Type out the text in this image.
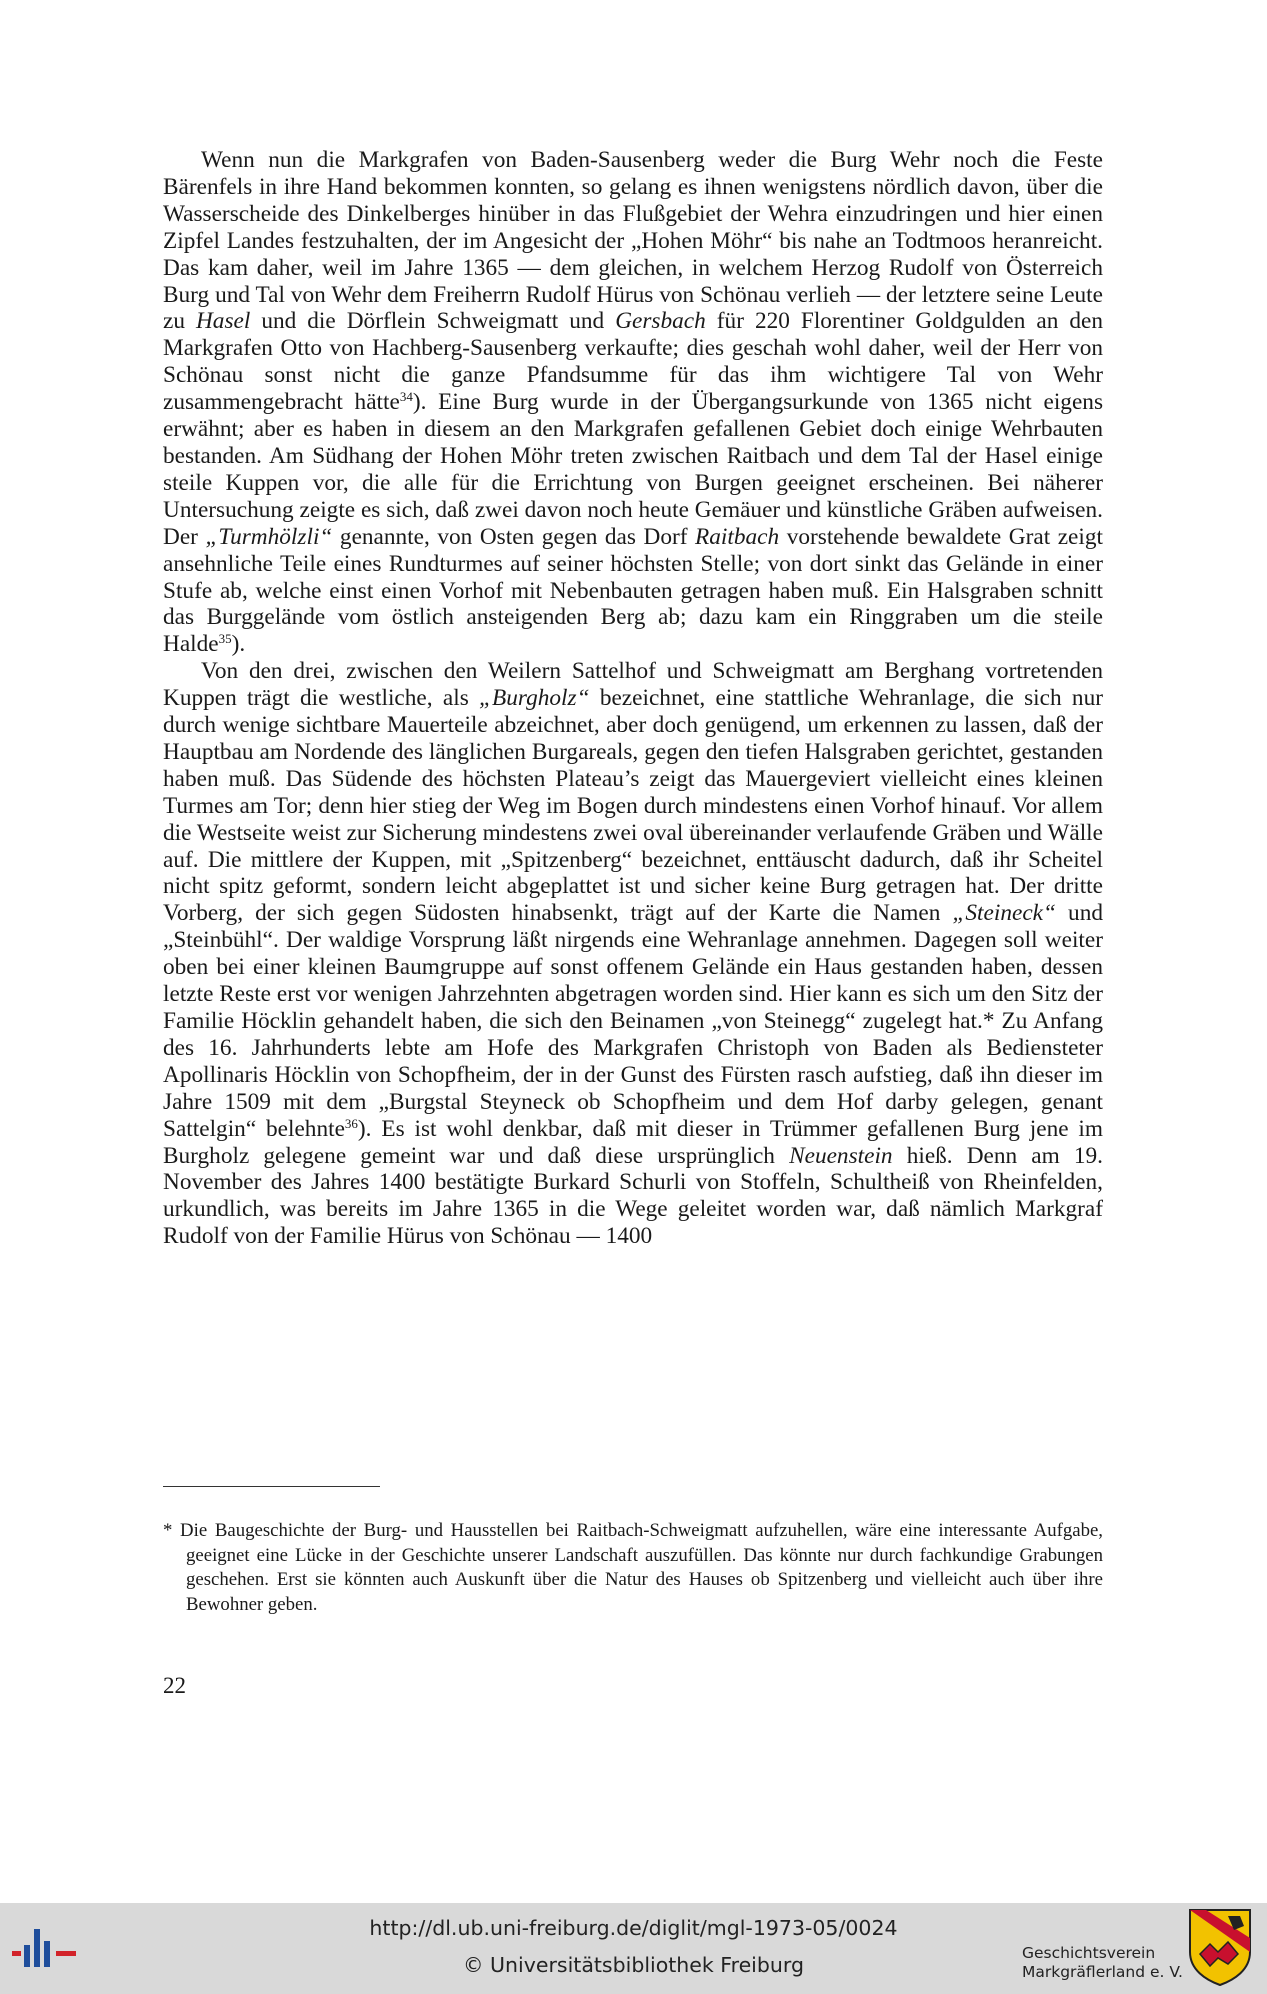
Wenn nun die Markgrafen von Baden-Sausenberg weder die Burg Wehr noch die Feste Bärenfels in ihre Hand bekommen konnten, so gelang es ihnen wenigstens nördlich davon, über die Wasserscheide des Dinkelberges hinüber in das Flußgebiet der Wehra einzudringen und hier einen Zipfel Landes festzuhalten, der im Angesicht der „Hohen Möhr“ bis nahe an Todtmoos heranreicht. Das kam daher, weil im Jahre 1365 — dem gleichen, in welchem Herzog Rudolf von Österreich Burg und Tal von Wehr dem Freiherrn Rudolf Hürus von Schönau verlieh — der letztere seine Leute zu Hasel und die Dörflein Schweigmatt und Gersbach für 220 Florentiner Goldgulden an den Markgrafen Otto von Hachberg-Sausenberg verkaufte; dies geschah wohl daher, weil der Herr von Schönau sonst nicht die ganze Pfandsumme für das ihm wichtigere Tal von Wehr zusammengebracht hätte$^{34}$). Eine Burg wurde in der Übergangsurkunde von 1365 nicht eigens erwähnt; aber es haben in diesem an den Markgrafen gefallenen Gebiet doch einige Wehrbauten bestanden. Am Südhang der Hohen Möhr treten zwischen Raitbach und dem Tal der Hasel einige steile Kuppen vor, die alle für die Errichtung von Burgen geeignet erscheinen. Bei näherer Untersuchung zeigte es sich, daß zwei davon noch heute Gemäuer und künstliche Gräben aufweisen. Der „Turmhölzli“ genannte, von Osten gegen das Dorf Raitbach vorstehende bewaldete Grat zeigt ansehnliche Teile eines Rundturmes auf seiner höchsten Stelle; von dort sinkt das Gelände in einer Stufe ab, welche einst einen Vorhof mit Nebenbauten getragen haben muß. Ein Halsgraben schnitt das Burggelände vom östlich ansteigenden Berg ab; dazu kam ein Ringgraben um die steile Halde$^{35}$).

Von den drei, zwischen den Weilern Sattelhof und Schweigmatt am Berghang vortretenden Kuppen trägt die westliche, als „Burgholz“ bezeichnet, eine stattliche Wehranlage, die sich nur durch wenige sichtbare Mauerteile abzeichnet, aber doch genügend, um erkennen zu lassen, daß der Hauptbau am Nordende des länglichen Burgareals, gegen den tiefen Halsgraben gerichtet, gestanden haben muß. Das Südende des höchsten Plateau’s zeigt das Mauergeviert vielleicht eines kleinen Turmes am Tor; denn hier stieg der Weg im Bogen durch mindestens einen Vorhof hinauf. Vor allem die Westseite weist zur Sicherung mindestens zwei oval übereinander verlaufende Gräben und Wälle auf. Die mittlere der Kuppen, mit „Spitzenberg“ bezeichnet, enttäuscht dadurch, daß ihr Scheitel nicht spitz geformt, sondern leicht abgeplattet ist und sicher keine Burg getragen hat. Der dritte Vorberg, der sich gegen Südosten hinabsenkt, trägt auf der Karte die Namen „Steineck“ und „Steinbühl“. Der waldige Vorsprung läßt nirgends eine Wehranlage annehmen. Dagegen soll weiter oben bei einer kleinen Baumgruppe auf sonst offenem Gelände ein Haus gestanden haben, dessen letzte Reste erst vor wenigen Jahrzehnten abgetragen worden sind. Hier kann es sich um den Sitz der Familie Höcklin gehandelt haben, die sich den Beinamen „von Steinegg“ zugelegt hat.* Zu Anfang des 16. Jahrhunderts lebte am Hofe des Markgrafen Christoph von Baden als Bediensteter Apollinaris Höcklin von Schopfheim, der in der Gunst des Fürsten rasch aufstieg, daß ihn dieser im Jahre 1509 mit dem „Burgstal Steyneck ob Schopfheim und dem Hof darby gelegen, genant Sattelgin“ belehnte$^{36}$). Es ist wohl denkbar, daß mit dieser in Trümmer gefallenen Burg jene im Burgholz gelegene gemeint war und daß diese ursprünglich Neuenstein hieß. Denn am 19. November des Jahres 1400 bestätigte Burkard Schurli von Stoffeln, Schultheiß von Rheinfelden, urkundlich, was bereits im Jahre 1365 in die Wege geleitet worden war, daß nämlich Markgraf Rudolf von der Familie Hürus von Schönau — 1400

* Die Baugeschichte der Burg- und Hausstellen bei Raitbach-Schweigmatt aufzuhellen, wäre eine interessante Aufgabe, geeignet eine Lücke in der Geschichte unserer Landschaft auszufüllen. Das könnte nur durch fachkundige Grabungen geschehen. Erst sie könnten auch Auskunft über die Natur des Hauses ob Spitzenberg und vielleicht auch über ihre Bewohner geben.
22
http://dl.ub.uni-freiburg.de/diglit/mgl-1973-05/0024
© Universitätsbibliothek Freiburg	Geschichtsverein
Markgräflerland e. V.
